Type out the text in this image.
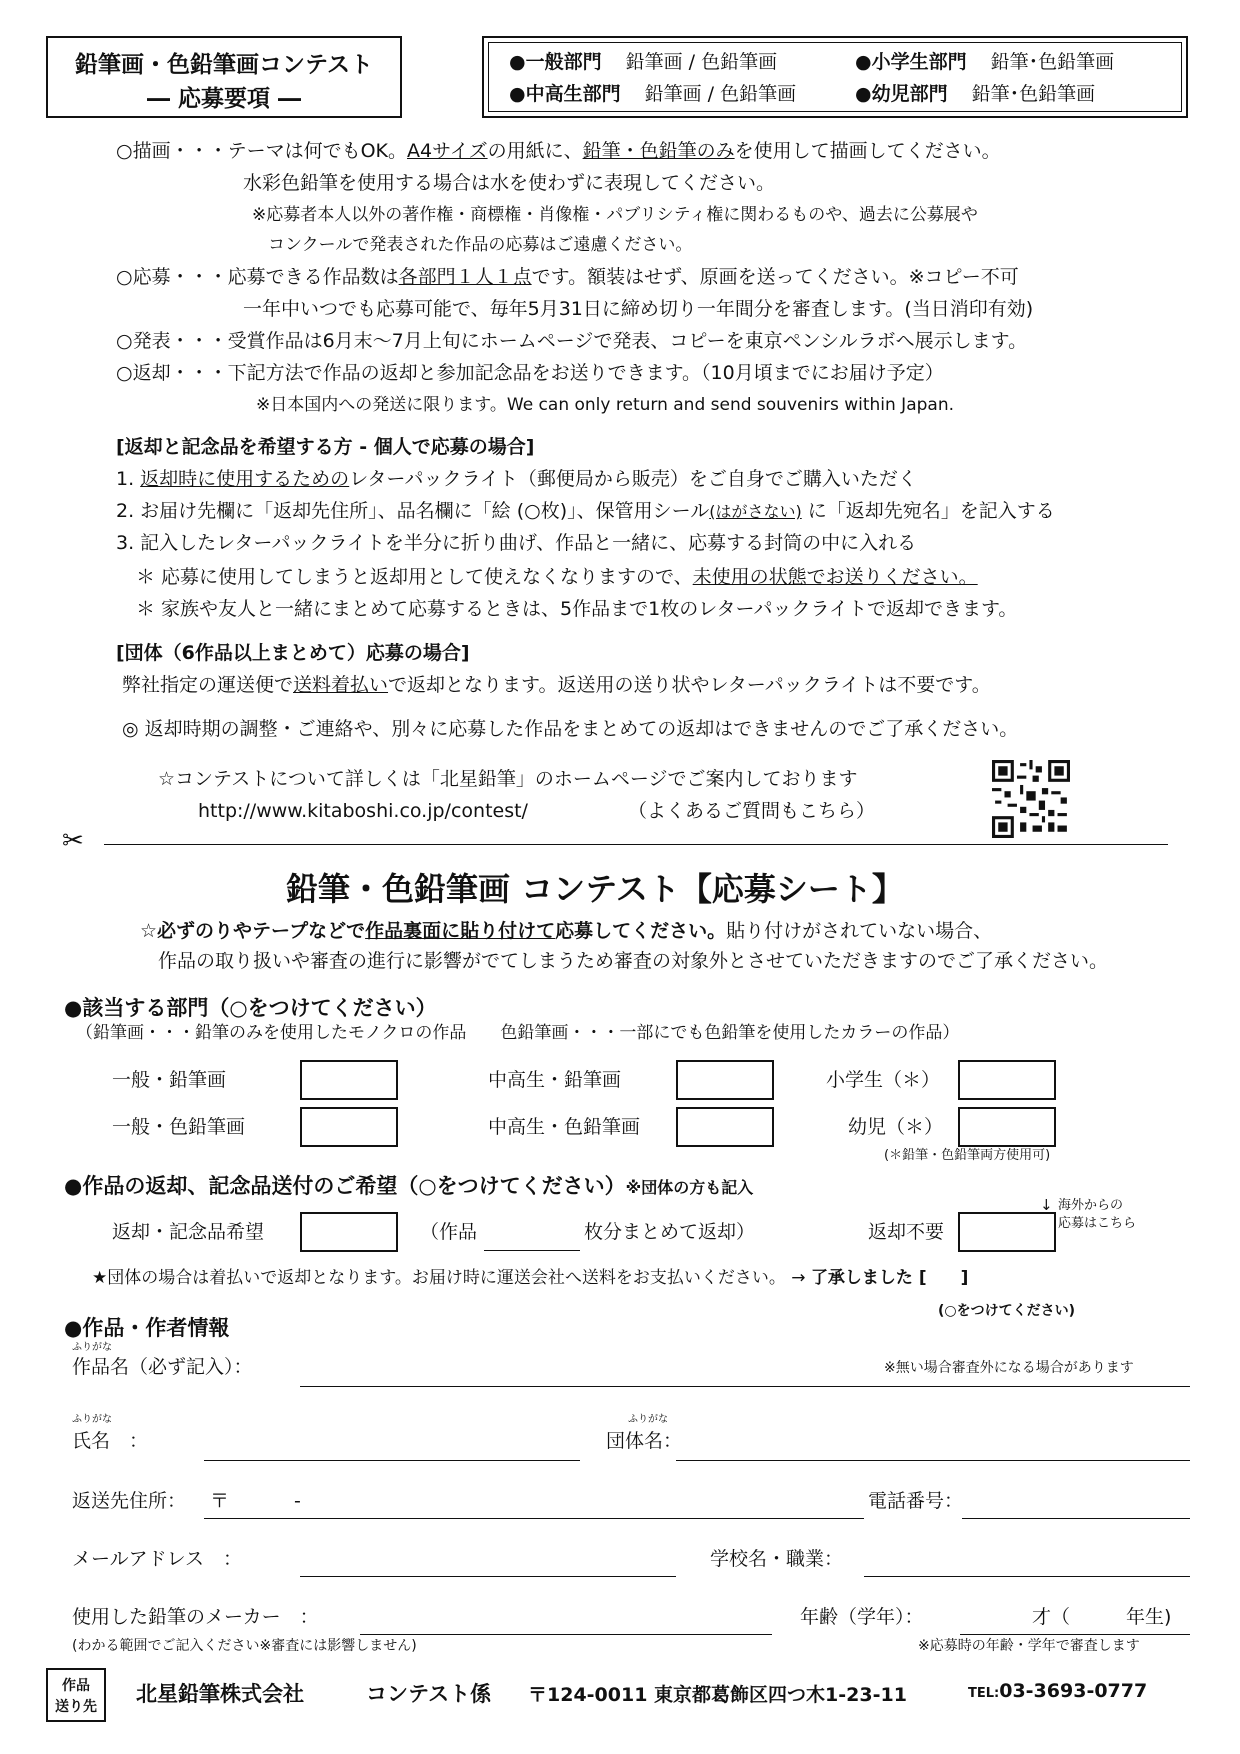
鉛筆画・色鉛筆画コンテスト
― 応募要項 ―
●一般部門 鉛筆画 / 色鉛筆画	●小学生部門 鉛筆･色鉛筆画
●中高生部門 鉛筆画 / 色鉛筆画	●幼児部門 鉛筆･色鉛筆画
○描画・・・テーマは何でもOK。A4サイズの用紙に、鉛筆・色鉛筆のみを使用して描画してください。
水彩色鉛筆を使用する場合は水を使わずに表現してください。
※応募者本人以外の著作権・商標権・肖像権・パブリシティ権に関わるものや、過去に公募展や
コンクールで発表された作品の応募はご遠慮ください。
○応募・・・応募できる作品数は各部門１人１点です。額装はせず、原画を送ってください。※コピー不可
一年中いつでも応募可能で、毎年5月31日に締め切り一年間分を審査します。(当日消印有効)
○発表・・・受賞作品は6月末～7月上旬にホームページで発表、コピーを東京ペンシルラボへ展示します。
○返却・・・下記方法で作品の返却と参加記念品をお送りできます。（10月頃までにお届け予定）
※日本国内への発送に限ります。We can only return and send souvenirs within Japan.
[返却と記念品を希望する方 - 個人で応募の場合]
1. 返却時に使用するためのレターパックライト（郵便局から販売）をご自身でご購入いただく
2. お届け先欄に「返却先住所」、品名欄に「絵 (○枚)」、保管用シール(はがさない) に「返却先宛名」を記入する
3. 記入したレターパックライトを半分に折り曲げ、作品と一緒に、応募する封筒の中に入れる
＊ 応募に使用してしまうと返却用として使えなくなりますので、未使用の状態でお送りください。
＊ 家族や友人と一緒にまとめて応募するときは、5作品まで1枚のレターパックライトで返却できます。
[団体（6作品以上まとめて）応募の場合]
弊社指定の運送便で送料着払いで返却となります。返送用の送り状やレターパックライトは不要です。
◎ 返却時期の調整・ご連絡や、別々に応募した作品をまとめての返却はできませんのでご了承ください。
☆コンテストについて詳しくは「北星鉛筆」のホームページでご案内しております
http://www.kitaboshi.co.jp/contest/	（よくあるご質問もこちら）
✂
鉛筆・色鉛筆画 コンテスト【応募シート】
☆必ずのりやテープなどで作品裏面に貼り付けて応募してください。貼り付けがされていない場合、
作品の取り扱いや審査の進行に影響がでてしまうため審査の対象外とさせていただきますのでご了承ください。
●該当する部門（○をつけてください）
（鉛筆画・・・鉛筆のみを使用したモノクロの作品　　色鉛筆画・・・一部にでも色鉛筆を使用したカラーの作品）
一般・鉛筆画	中高生・鉛筆画	小学生（＊）
一般・色鉛筆画	中高生・色鉛筆画	幼児（＊）
(＊鉛筆・色鉛筆両方使用可)
●作品の返却、記念品送付のご希望（○をつけてください）※団体の方も記入
返却・記念品希望	（作品	枚分まとめて返却）	返却不要
↓ 海外からの
応募はこちら
★団体の場合は着払いで返却となります。お届け時に運送会社へ送料をお支払いください。 → 了承しました [　　]
(○をつけてください)
●作品・作者情報
ふりがな
作品名（必ず記入）：	※無い場合審査外になる場合があります
ふりがな
氏名　：
ふりがな
団体名：
返送先住所： 〒	-	電話番号：
メールアドレス　：	学校名・職業：
使用した鉛筆のメーカー　：
(わかる範囲でご記入ください※審査には影響しません)
年齢（学年）：	才（	年生)
※応募時の年齢・学年で審査します
作品
送り先
北星鉛筆株式会社	コンテスト係 〒124-0011 東京都葛飾区四つ木1-23-11	TEL:03-3693-0777
